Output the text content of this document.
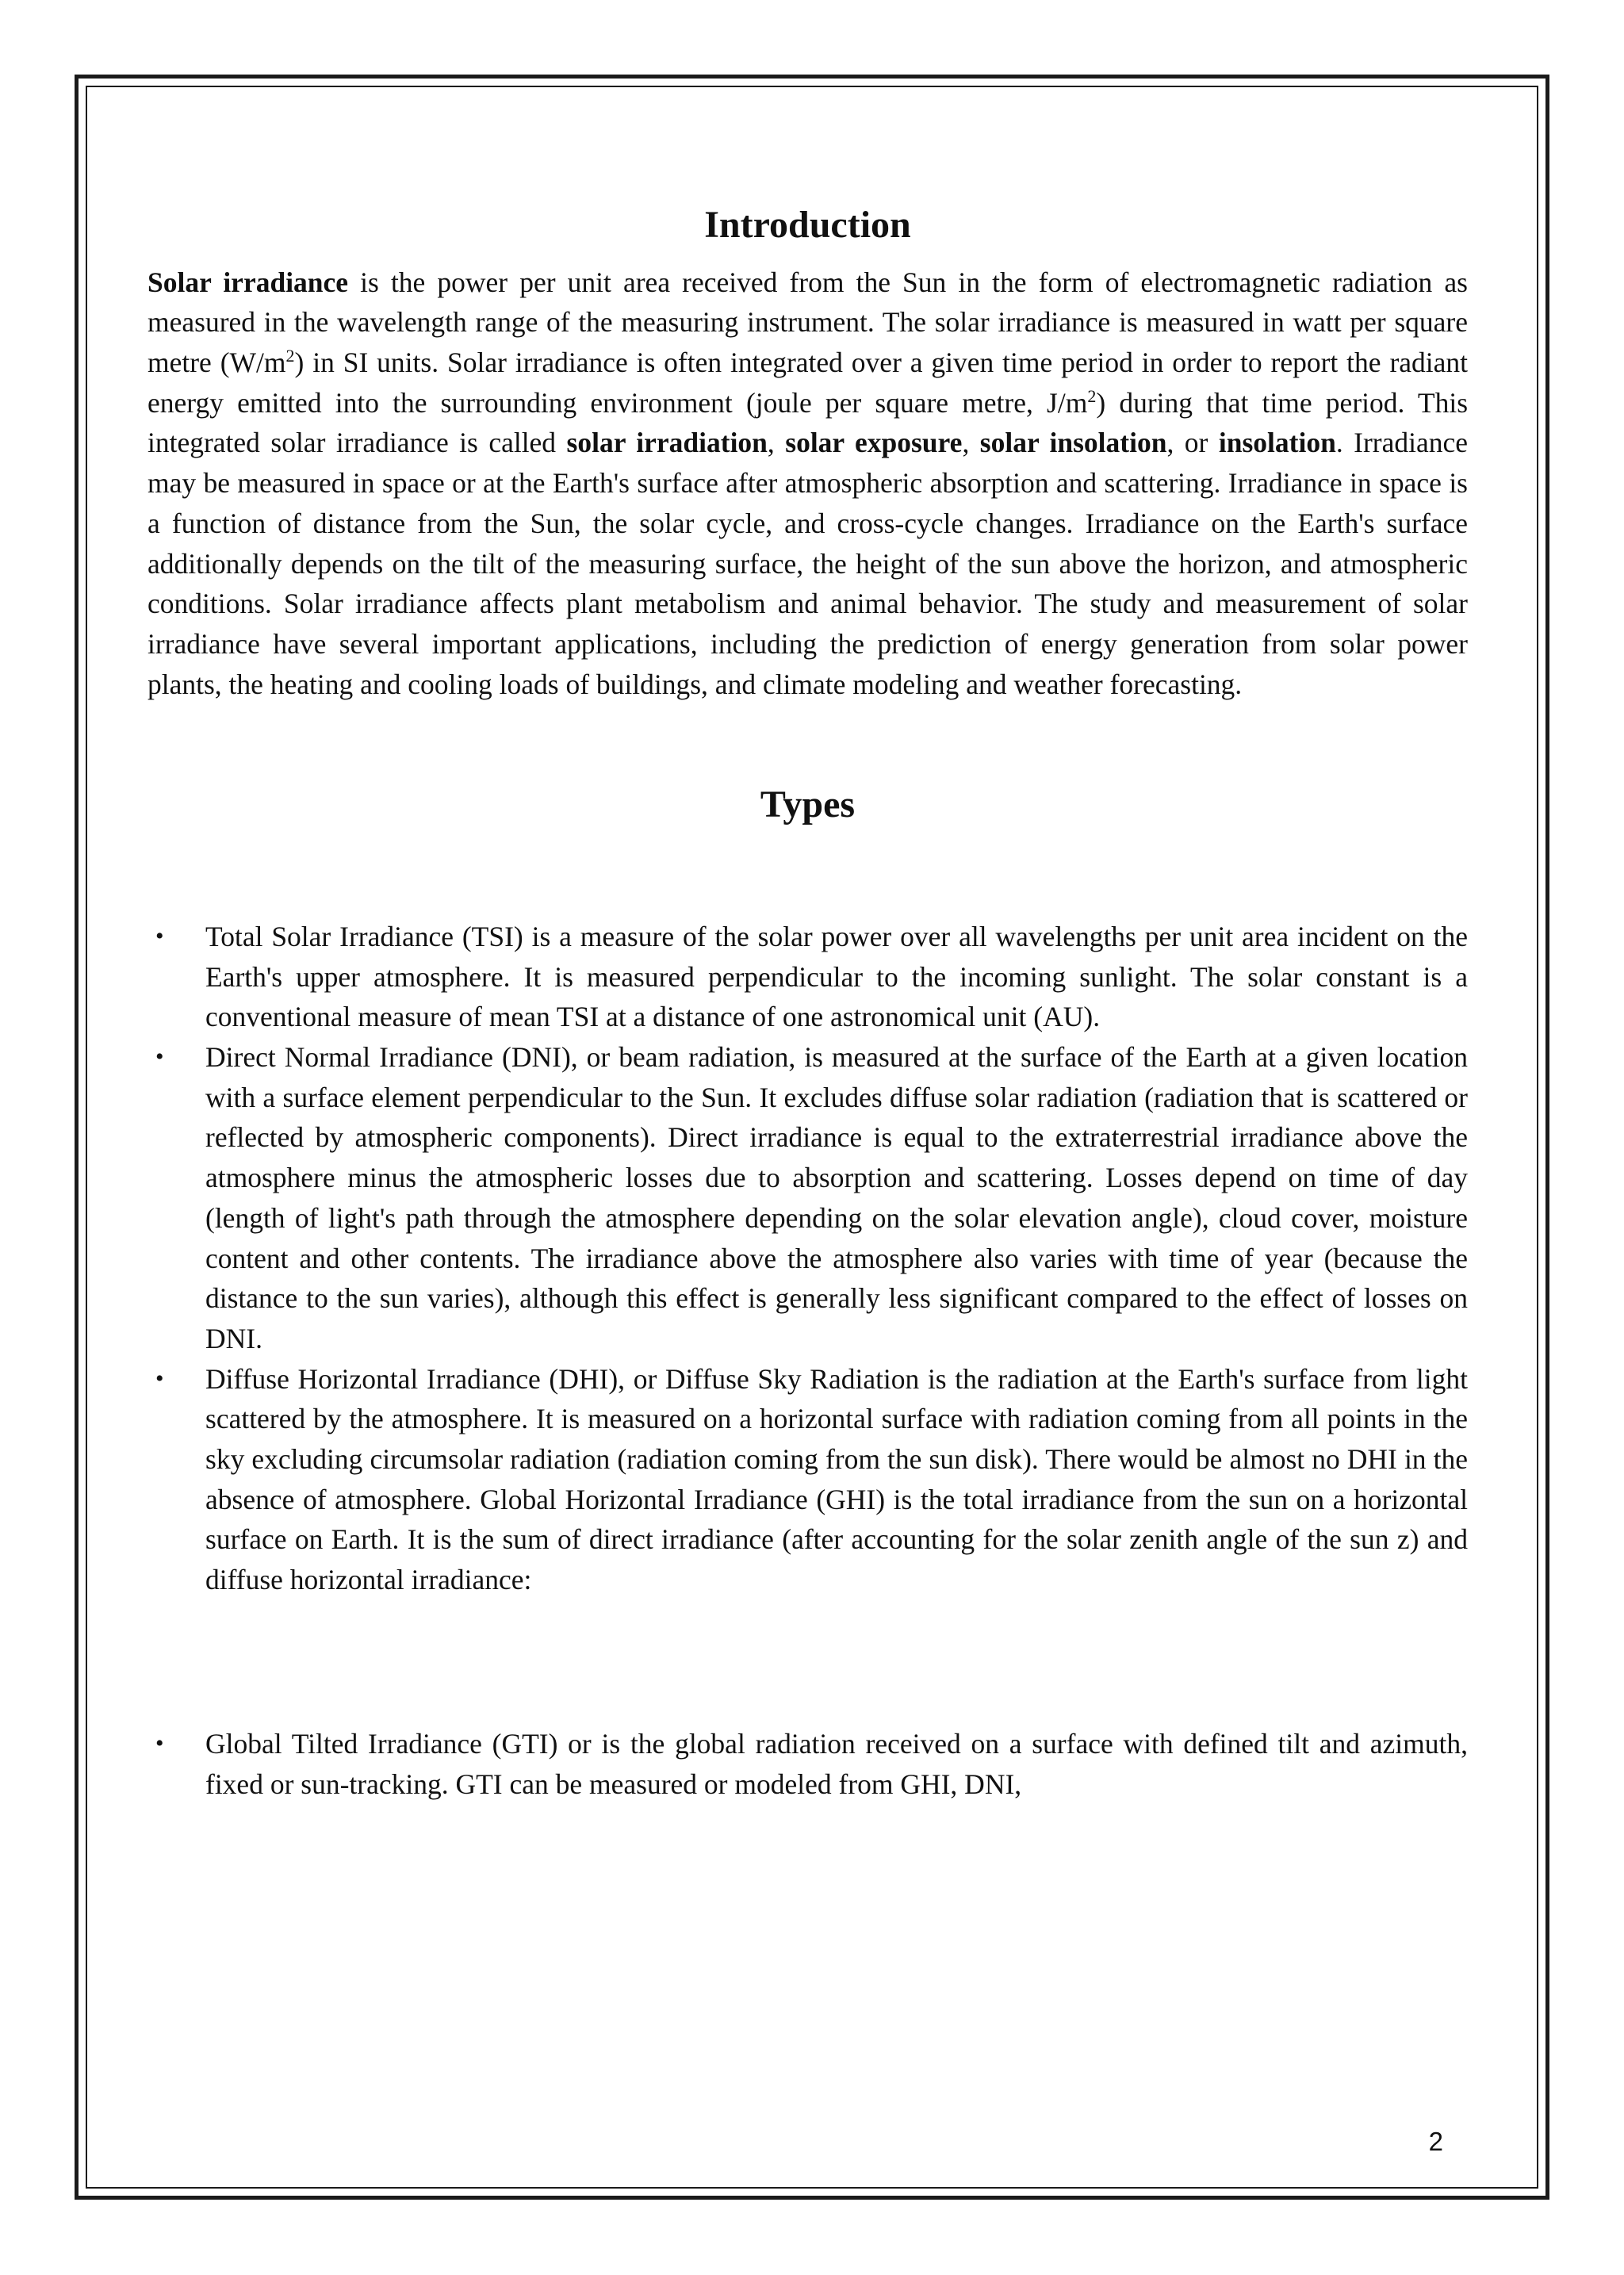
Introduction

Solar irradiance is the power per unit area received from the Sun in the form of electromagnetic radiation as measured in the wavelength range of the measuring instrument. The solar irradiance is measured in watt per square metre $(W/m^2)$ in SI units. Solar irradiance is often integrated over a given time period in order to report the radiant energy emitted into the surrounding environment (joule per square metre, $J/m^2$) during that time period. This integrated solar irradiance is called solar irradiation, solar exposure, solar insolation, or insolation. Irradiance may be measured in space or at the Earth's surface after atmospheric absorption and scattering. Irradiance in space is a function of distance from the Sun, the solar cycle, and cross-cycle changes. Irradiance on the Earth's surface additionally depends on the tilt of the measuring surface, the height of the sun above the horizon, and atmospheric conditions. Solar irradiance affects plant metabolism and animal behavior. The study and measurement of solar irradiance have several important applications, including the prediction of energy generation from solar power plants, the heating and cooling loads of buildings, and climate modeling and weather forecasting.

Types
• Total Solar Irradiance (TSI) is a measure of the solar power over all wavelengths per unit area incident on the Earth's upper atmosphere. It is measured perpendicular to the incoming sunlight. The solar constant is a conventional measure of mean TSI at a distance of one astronomical unit (AU).
• Direct Normal Irradiance (DNI), or beam radiation, is measured at the surface of the Earth at a given location with a surface element perpendicular to the Sun. It excludes diffuse solar radiation (radiation that is scattered or reflected by atmospheric components). Direct irradiance is equal to the extraterrestrial irradiance above the atmosphere minus the atmospheric losses due to absorption and scattering. Losses depend on time of day (length of light's path through the atmosphere depending on the solar elevation angle), cloud cover, moisture content and other contents. The irradiance above the atmosphere also varies with time of year (because the distance to the sun varies), although this effect is generally less significant compared to the effect of losses on DNI.
• Diffuse Horizontal Irradiance (DHI), or Diffuse Sky Radiation is the radiation at the Earth's surface from light scattered by the atmosphere. It is measured on a horizontal surface with radiation coming from all points in the sky excluding circumsolar radiation (radiation coming from the sun disk). There would be almost no DHI in the absence of atmosphere. Global Horizontal Irradiance (GHI) is the total irradiance from the sun on a horizontal surface on Earth. It is the sum of direct irradiance (after accounting for the solar zenith angle of the sun z) and diffuse horizontal irradiance:
• Global Tilted Irradiance (GTI) or is the global radiation received on a surface with defined tilt and azimuth, fixed or sun-tracking. GTI can be measured or modeled from GHI, DNI,
2
